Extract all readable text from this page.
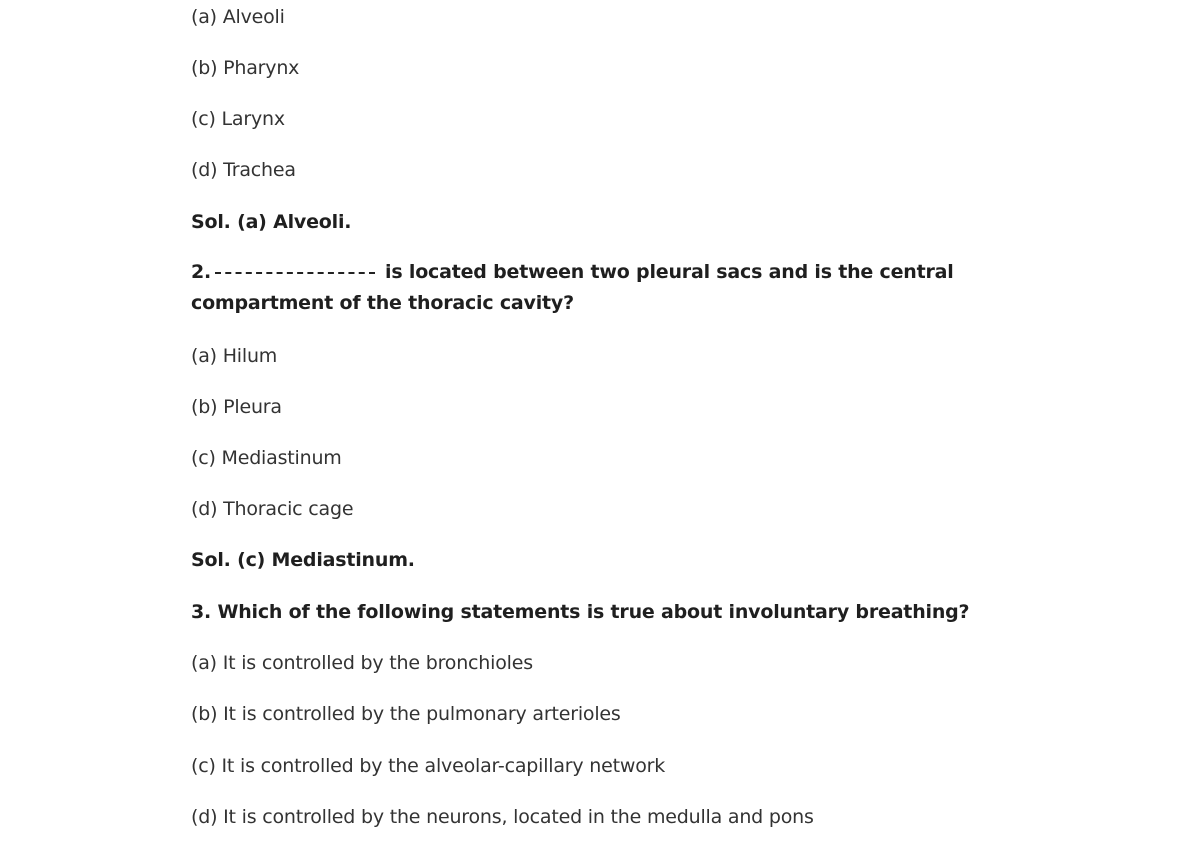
(a) Alveoli
(b) Pharynx
(c) Larynx
(d) Trachea
Sol. (a) Alveoli.
2.	is located between two pleural sacs and is the central compartment of the thoracic cavity?
(a) Hilum
(b) Pleura
(c) Mediastinum
(d) Thoracic cage
Sol. (c) Mediastinum.
3. Which of the following statements is true about involuntary breathing?
(a) It is controlled by the bronchioles
(b) It is controlled by the pulmonary arterioles
(c) It is controlled by the alveolar-capillary network
(d) It is controlled by the neurons, located in the medulla and pons
